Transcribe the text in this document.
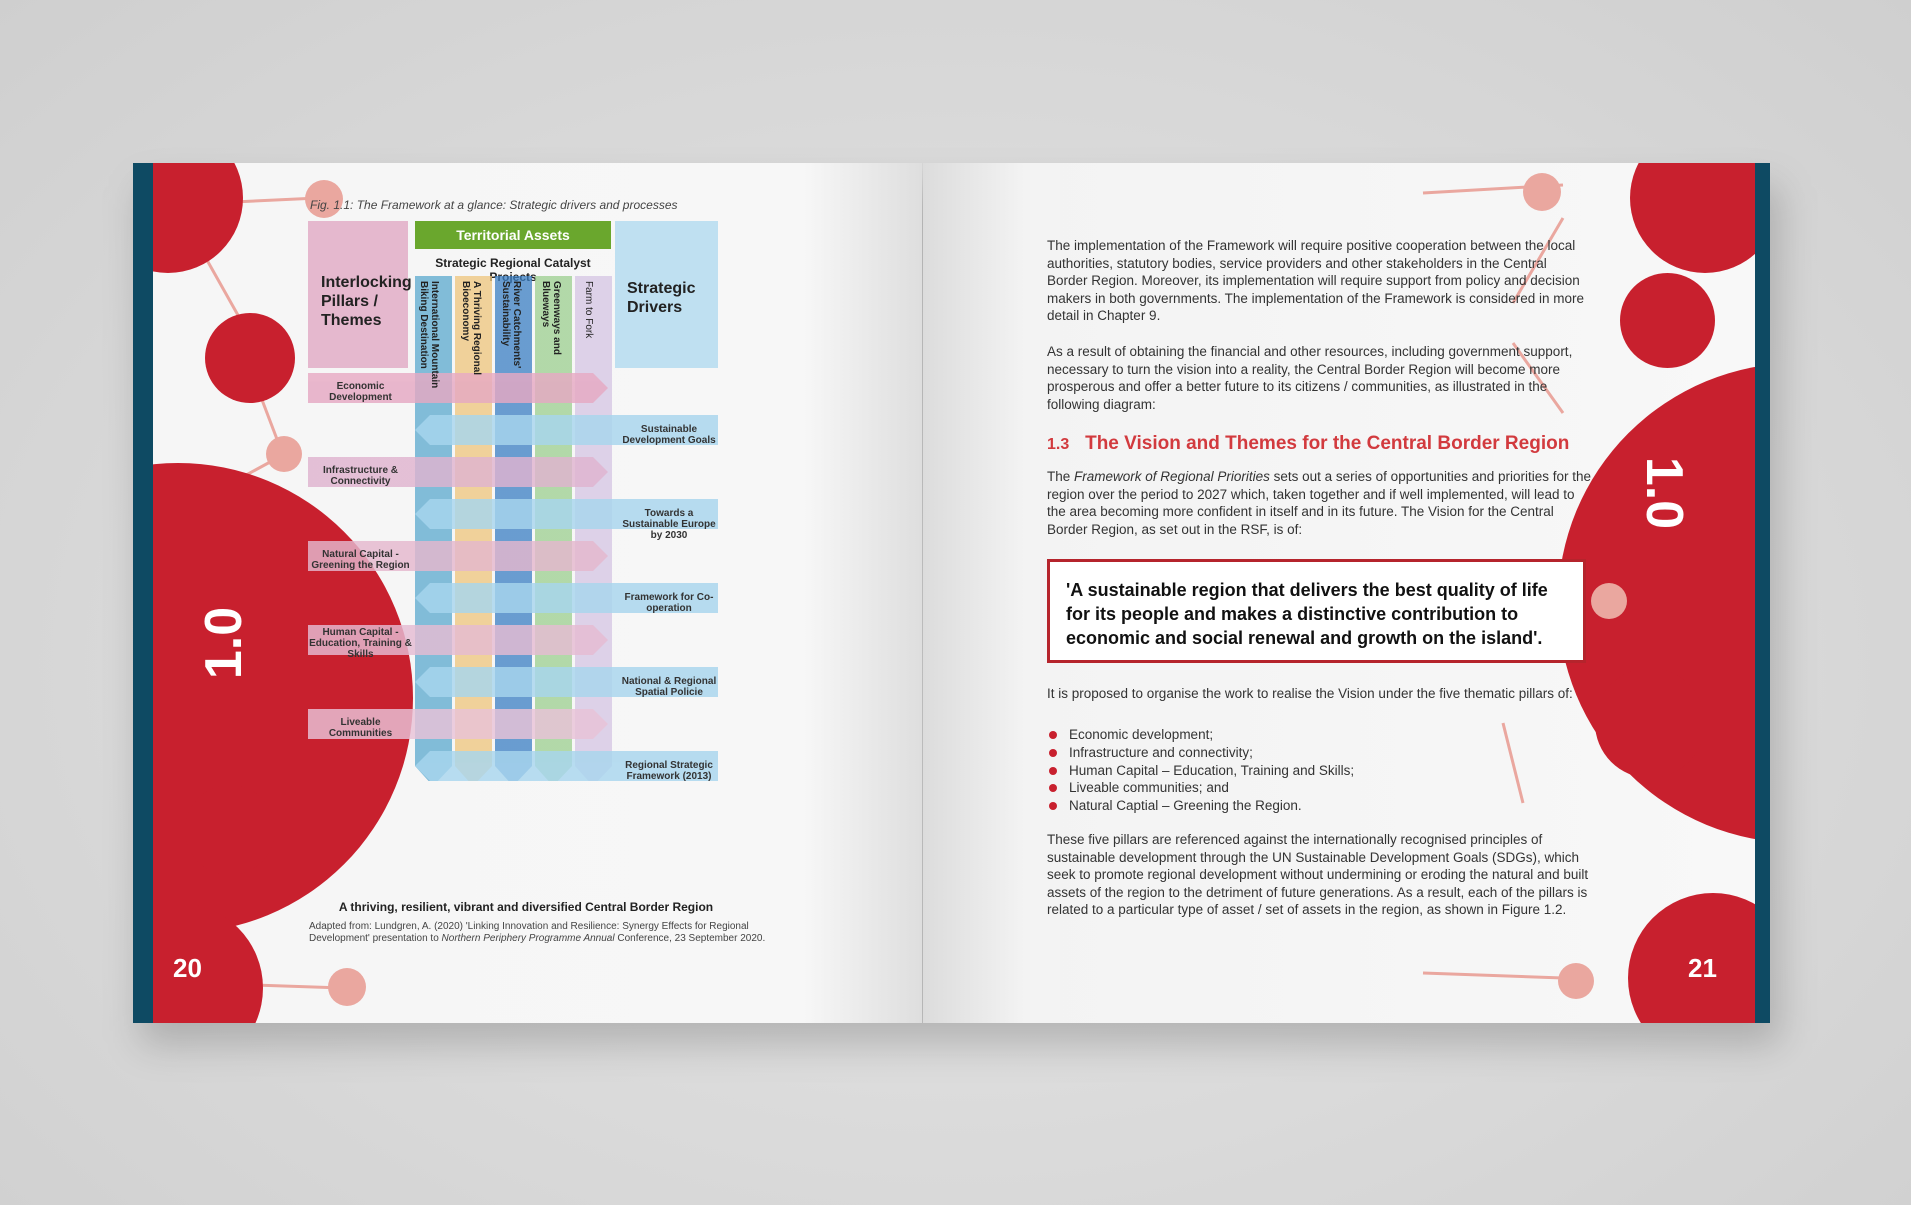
1.0
20
Fig. 1.1: The Framework at a glance: Strategic drivers and processes
Interlocking Pillars / Themes
Territorial Assets
Strategic Regional Catalyst
Strategic Drivers
International Mountain Biking Destination	A Thriving Regional Bioeconomy	River Catchments' Sustainability	Greenways and Blueways	Farm to Fork
Economic Development
Infrastructure & Connectivity
Natural Capital - Greening the Region
Human Capital - Education, Training & Skills
Liveable Communities
Sustainable Development Goals
Towards a Sustainable Europe by 2030
Framework for Co-operation
National & Regional Spatial Policie
Regional Strategic Framework (2013)
A thriving, resilient, vibrant and diversified Central Border Region
Adapted from: Lundgren, A. (2020) 'Linking Innovation and Resilience: Synergy Effects for Regional
Development' presentation to Northern Periphery Programme Annual Conference, 23 September 2020.
1.0
21
The implementation of the Framework will require positive cooperation between the local authorities, statutory bodies, service providers and other stakeholders in the Central Border Region. Moreover, its implementation will require support from policy and decision makers in both governments. The implementation of the Framework is considered in more detail in Chapter 9.
As a result of obtaining the financial and other resources, including government support, necessary to turn the vision into a reality, the Central Border Region will become more prosperous and offer a better future to its citizens / communities, as illustrated in the following diagram:
1.3 The Vision and Themes for the Central Border Region
The Framework of Regional Priorities sets out a series of opportunities and priorities for the region over the period to 2027 which, taken together and if well implemented, will lead to the area becoming more confident in itself and in its future. The Vision for the Central Border Region, as set out in the RSF, is of:
'A sustainable region that delivers the best quality of life for its people and makes a distinctive contribution to economic and social renewal and growth on the island'.
It is proposed to organise the work to realise the Vision under the five thematic pillars of:
Economic development;
Infrastructure and connectivity;
Human Capital – Education, Training and Skills;
Liveable communities; and
Natural Captial – Greening the Region.
These five pillars are referenced against the internationally recognised principles of sustainable development through the UN Sustainable Development Goals (SDGs), which seek to promote regional development without undermining or eroding the natural and built assets of the region to the detriment of future generations. As a result, each of the pillars is related to a particular type of asset / set of assets in the region, as shown in Figure 1.2.
